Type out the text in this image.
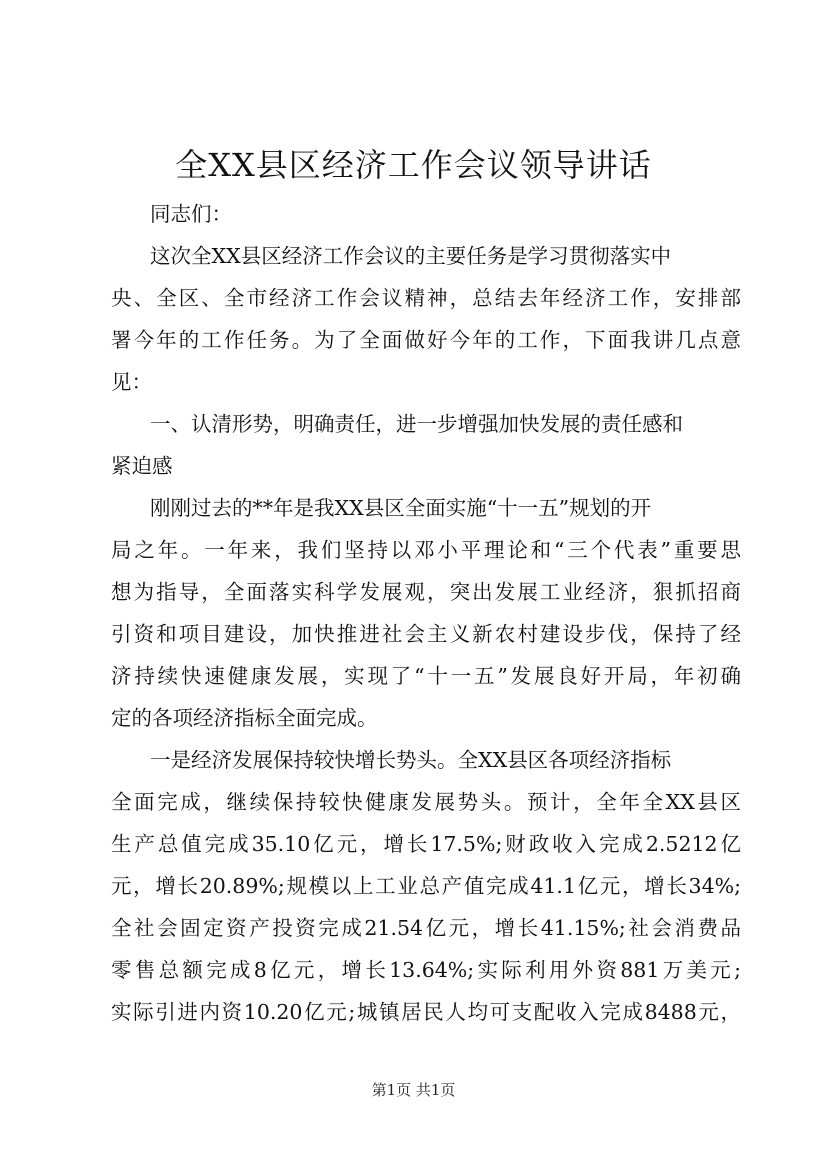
全XX县区经济工作会议领导讲话
同志们：
这次全XX县区经济工作会议的主要任务是学习贯彻落实中
央、全区、全市经济工作会议精神，总结去年经济工作，安排部
署今年的工作任务。为了全面做好今年的工作，下面我讲几点意
见：
一、认清形势，明确责任，进一步增强加快发展的责任感和
紧迫感
刚刚过去的**年是我XX县区全面实施“十一五”规划的开
局之年。一年来，我们坚持以邓小平理论和“三个代表”重要思
想为指导，全面落实科学发展观，突出发展工业经济，狠抓招商
引资和项目建设，加快推进社会主义新农村建设步伐，保持了经
济持续快速健康发展，实现了“十一五”发展良好开局，年初确
定的各项经济指标全面完成。
一是经济发展保持较快增长势头。全XX县区各项经济指标
全面完成，继续保持较快健康发展势头。预计，全年全XX县区
生产总值完成35.10亿元，增长17.5%;财政收入完成2.5212亿
元，增长20.89%;规模以上工业总产值完成41.1亿元，增长34%;
全社会固定资产投资完成21.54亿元，增长41.15%;社会消费品
零售总额完成8亿元，增长13.64%;实际利用外资881万美元;
实际引进内资10.20亿元;城镇居民人均可支配收入完成8488元，
第1页 共1页
